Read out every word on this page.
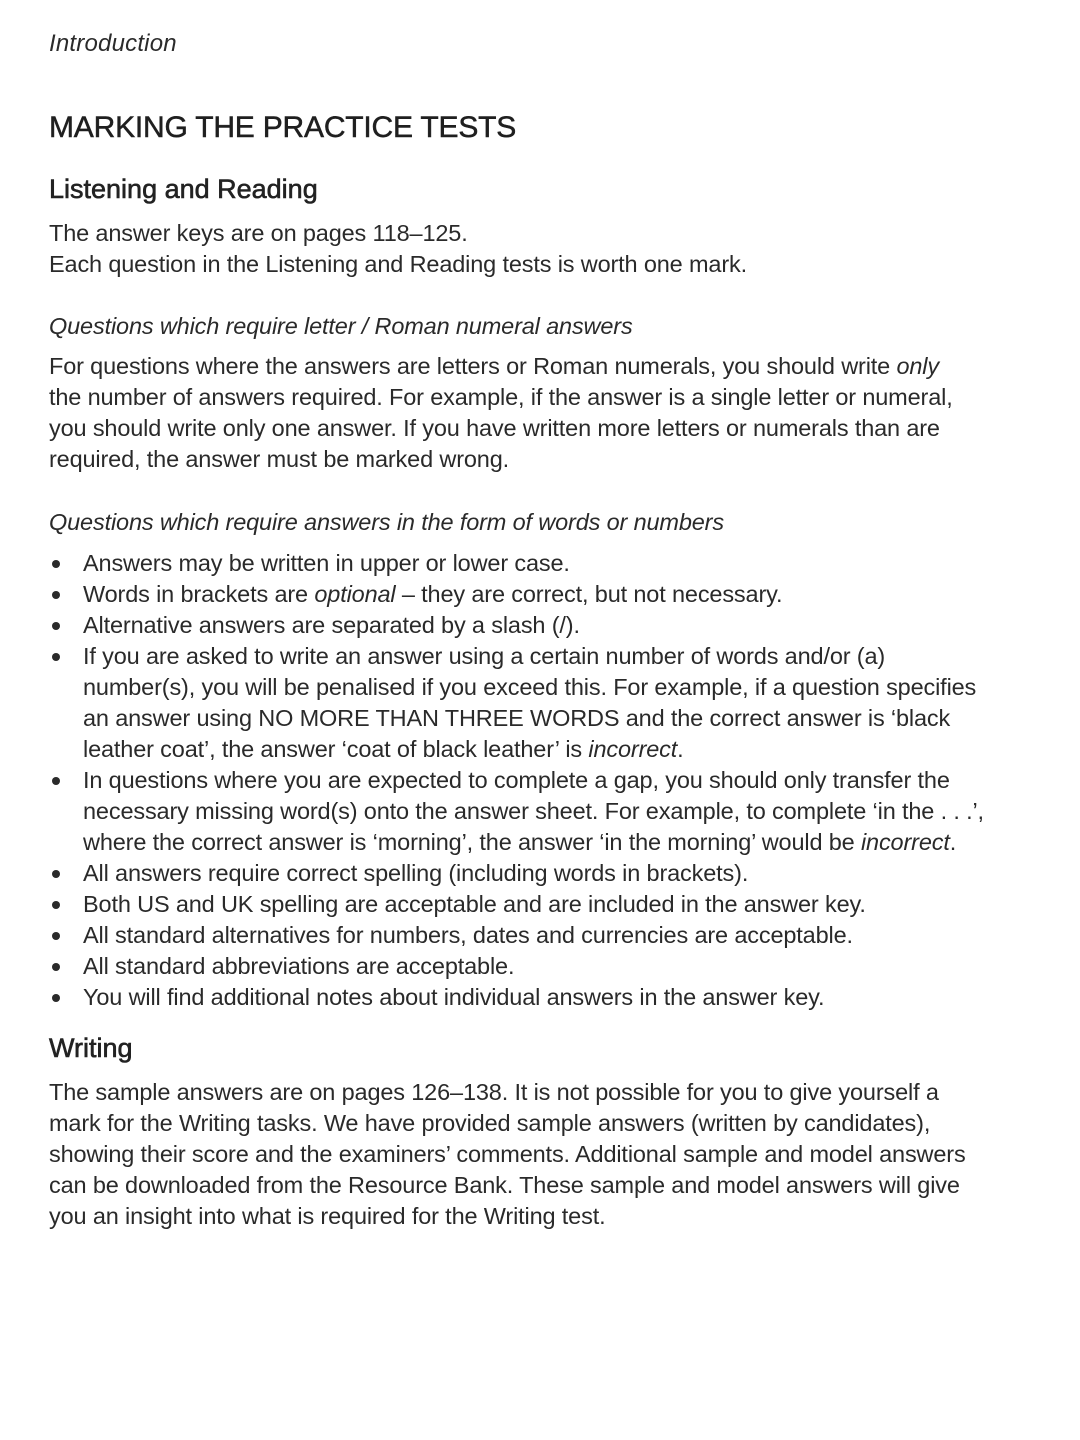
Introduction
MARKING THE PRACTICE TESTS
Listening and Reading
The answer keys are on pages 118–125.
Each question in the Listening and Reading tests is worth one mark.
Questions which require letter / Roman numeral answers
For questions where the answers are letters or Roman numerals, you should write only
the number of answers required. For example, if the answer is a single letter or numeral,
you should write only one answer. If you have written more letters or numerals than are
required, the answer must be marked wrong.
Questions which require answers in the form of words or numbers
Answers may be written in upper or lower case.
Words in brackets are optional – they are correct, but not necessary.
Alternative answers are separated by a slash (/).
If you are asked to write an answer using a certain number of words and/or (a)
number(s), you will be penalised if you exceed this. For example, if a question specifies
an answer using NO MORE THAN THREE WORDS and the correct answer is ‘black
leather coat’, the answer ‘coat of black leather’ is incorrect.
In questions where you are expected to complete a gap, you should only transfer the
necessary missing word(s) onto the answer sheet. For example, to complete ‘in the . . .’,
where the correct answer is ‘morning’, the answer ‘in the morning’ would be incorrect.
All answers require correct spelling (including words in brackets).
Both US and UK spelling are acceptable and are included in the answer key.
All standard alternatives for numbers, dates and currencies are acceptable.
All standard abbreviations are acceptable.
You will find additional notes about individual answers in the answer key.
Writing
The sample answers are on pages 126–138. It is not possible for you to give yourself a
mark for the Writing tasks. We have provided sample answers (written by candidates),
showing their score and the examiners’ comments. Additional sample and model answers
can be downloaded from the Resource Bank. These sample and model answers will give
you an insight into what is required for the Writing test.
